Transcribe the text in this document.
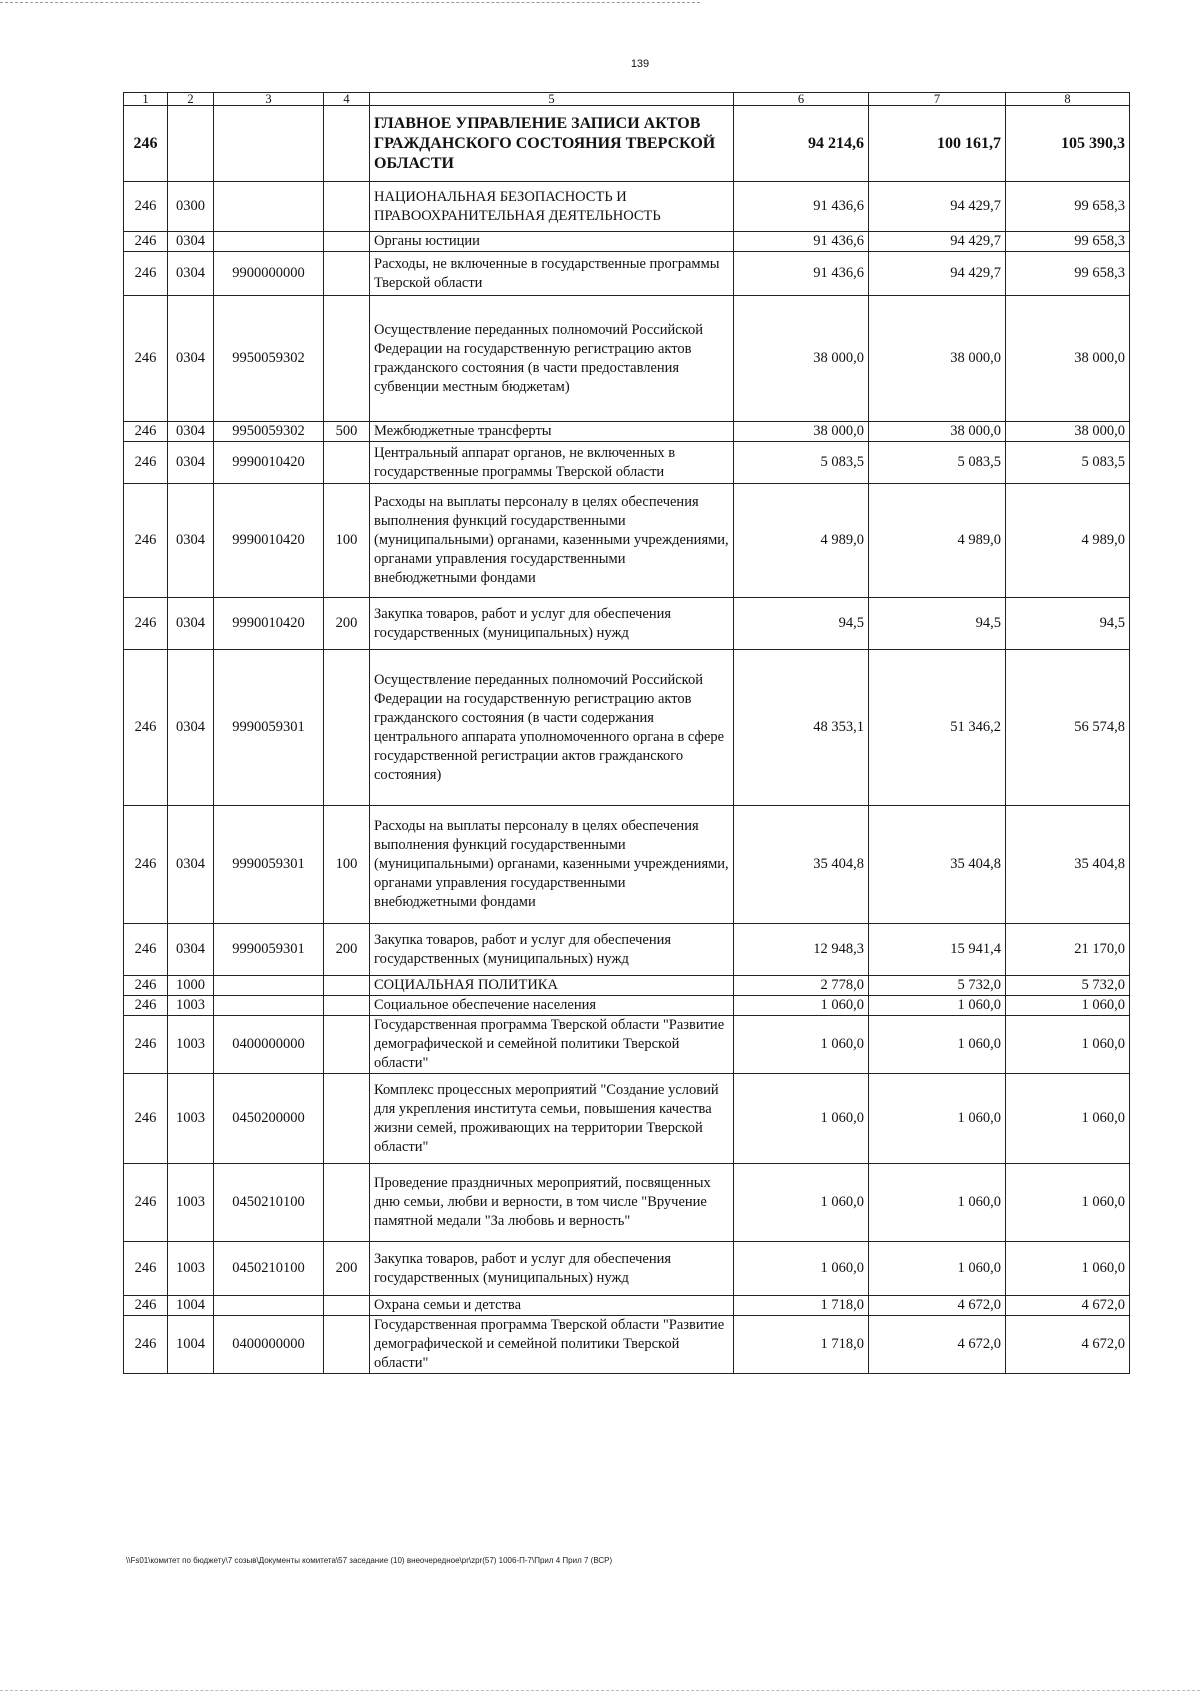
139
1	2	3	4	5	6	7	8
246				ГЛАВНОЕ УПРАВЛЕНИЕ ЗАПИСИ АКТОВ ГРАЖДАНСКОГО СОСТОЯНИЯ ТВЕРСКОЙ ОБЛАСТИ	94 214,6	100 161,7	105 390,3
246	0300			НАЦИОНАЛЬНАЯ БЕЗОПАСНОСТЬ И ПРАВООХРАНИТЕЛЬНАЯ ДЕЯТЕЛЬНОСТЬ	91 436,6	94 429,7	99 658,3
246	0304			Органы юстиции	91 436,6	94 429,7	99 658,3
246	0304	9900000000		Расходы, не включенные в государственные программы Тверской области	91 436,6	94 429,7	99 658,3
246	0304	9950059302		Осуществление переданных полномочий Российской Федерации на государственную регистрацию актов гражданского состояния (в части предоставления субвенции местным бюджетам)	38 000,0	38 000,0	38 000,0
246	0304	9950059302	500	Межбюджетные трансферты	38 000,0	38 000,0	38 000,0
246	0304	9990010420		Центральный аппарат органов, не включенных в государственные программы Тверской области	5 083,5	5 083,5	5 083,5
246	0304	9990010420	100	Расходы на выплаты персоналу в целях обеспечения выполнения функций государственными (муниципальными) органами, казенными учреждениями, органами управления государственными внебюджетными фондами	4 989,0	4 989,0	4 989,0
246	0304	9990010420	200	Закупка товаров, работ и услуг для обеспечения государственных (муниципальных) нужд	94,5	94,5	94,5
246	0304	9990059301		Осуществление переданных полномочий Российской Федерации на государственную регистрацию актов гражданского состояния (в части содержания центрального аппарата уполномоченного органа в сфере государственной регистрации актов гражданского состояния)	48 353,1	51 346,2	56 574,8
246	0304	9990059301	100	Расходы на выплаты персоналу в целях обеспечения выполнения функций государственными (муниципальными) органами, казенными учреждениями, органами управления государственными внебюджетными фондами	35 404,8	35 404,8	35 404,8
246	0304	9990059301	200	Закупка товаров, работ и услуг для обеспечения государственных (муниципальных) нужд	12 948,3	15 941,4	21 170,0
246	1000			СОЦИАЛЬНАЯ ПОЛИТИКА	2 778,0	5 732,0	5 732,0
246	1003			Социальное обеспечение населения	1 060,0	1 060,0	1 060,0
246	1003	0400000000		Государственная программа Тверской области "Развитие демографической и семейной политики Тверской области"	1 060,0	1 060,0	1 060,0
246	1003	0450200000		Комплекс процессных мероприятий "Создание условий для укрепления института семьи, повышения качества жизни семей, проживающих на территории Тверской области"	1 060,0	1 060,0	1 060,0
246	1003	0450210100		Проведение праздничных мероприятий, посвященных дню семьи, любви и верности, в том числе "Вручение памятной медали "За любовь и верность"	1 060,0	1 060,0	1 060,0
246	1003	0450210100	200	Закупка товаров, работ и услуг для обеспечения государственных (муниципальных) нужд	1 060,0	1 060,0	1 060,0
246	1004			Охрана семьи и детства	1 718,0	4 672,0	4 672,0
246	1004	0400000000		Государственная программа Тверской области "Развитие демографической и семейной политики Тверской области"	1 718,0	4 672,0	4 672,0
\\Fs01\комитет по бюджету\7 созыв\Документы комитета\57 заседание (10) внеочередное\pr\zpr(57) 1006-П-7\Прил 4 Прил 7 (ВСР)
